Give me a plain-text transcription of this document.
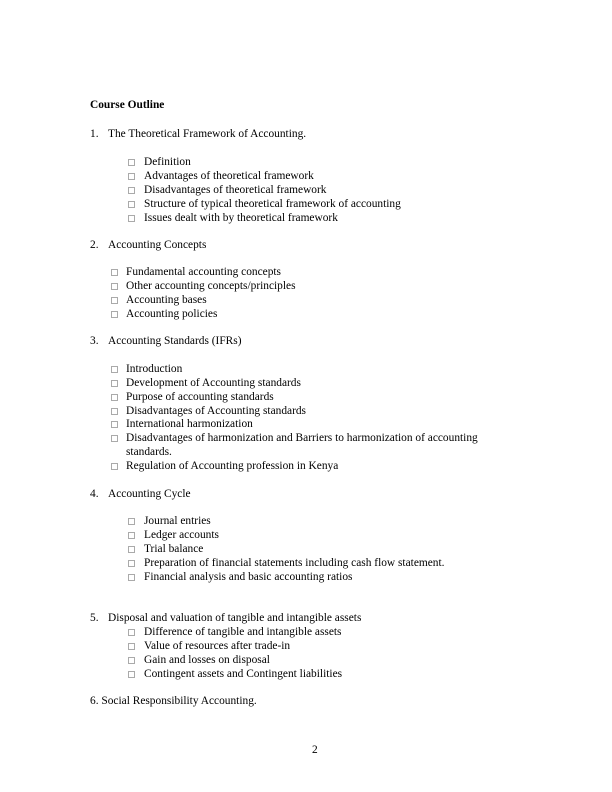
Course Outline
1. The Theoretical Framework of Accounting.
Definition
Advantages of theoretical framework
Disadvantages of theoretical framework
Structure of typical theoretical framework of accounting
Issues dealt with by theoretical framework
2. Accounting Concepts
Fundamental accounting concepts
Other accounting concepts/principles
Accounting bases
Accounting policies
3. Accounting Standards (IFRs)
Introduction
Development of Accounting standards
Purpose of accounting standards
Disadvantages of Accounting standards
International harmonization
Disadvantages of harmonization and Barriers to harmonization of accounting
Regulation of Accounting profession in Kenya
standards.
4. Accounting Cycle
Journal entries
Ledger accounts
Trial balance
Preparation of financial statements including cash flow statement.
Financial analysis and basic accounting ratios
5. Disposal and valuation of tangible and intangible assets
Difference of tangible and intangible assets
Value of resources after trade-in
Gain and losses on disposal
Contingent assets and Contingent liabilities
6. Social Responsibility Accounting.
2
